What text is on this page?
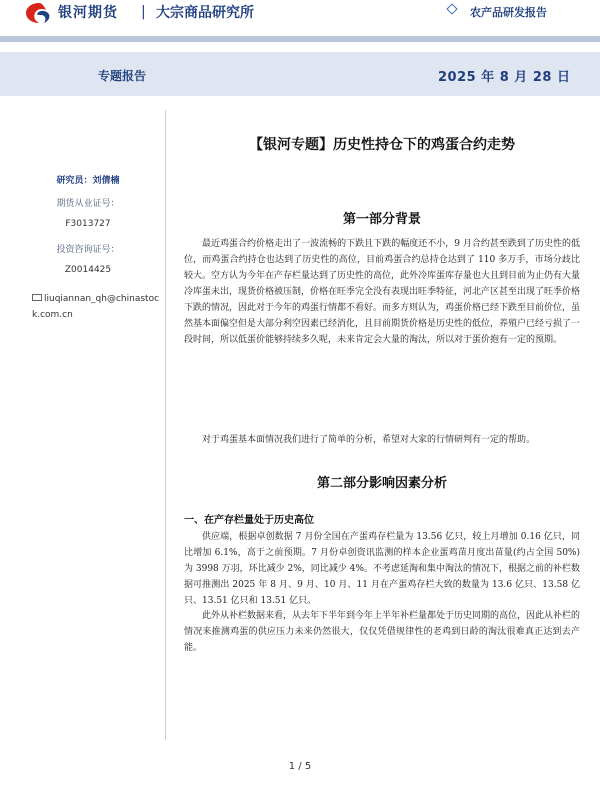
银河期货 | 大宗商品研究所	农产品研发报告
专题报告	2025 年 8 月 28 日
研究员：刘倩楠
期货从业证号：
F3013727
投资咨询证号：
Z0014425
liuqiannan_qh@chinastock.com.cn
【银河专题】历史性持仓下的鸡蛋合约走势
第一部分背景

最近鸡蛋合约价格走出了一波流畅的下跌且下跌的幅度还不小，9 月合约甚至跌到了历史性的低位，而鸡蛋合约持仓也达到了历史性的高位，目前鸡蛋合约总持仓达到了 110 多万手，市场分歧比较大。空方认为今年在产存栏量达到了历史性的高位，此外冷库蛋库存量也大且到目前为止仍有大量冷库蛋未出，现货价格被压制，价格在旺季完全没有表现出旺季特征，河北产区甚至出现了旺季价格下跌的情况，因此对于今年的鸡蛋行情都不看好。而多方则认为，鸡蛋价格已经下跌至目前价位，虽然基本面偏空但是大部分利空因素已经消化，且目前期货价格是历史性的低位，养殖户已经亏损了一段时间，所以低蛋价能够持续多久呢，未来肯定会大量的淘汰，所以对于蛋价抱有一定的预期。

对于鸡蛋基本面情况我们进行了简单的分析，希望对大家的行情研判有一定的帮助。

第二部分影响因素分析
一、在产存栏量处于历史高位

供应端，根据卓创数据 7 月份全国在产蛋鸡存栏量为 13.56 亿只，较上月增加 0.16 亿只，同比增加 6.1%，高于之前预期。7 月份卓创资讯监测的样本企业蛋鸡苗月度出苗量(约占全国 50%)为 3998 万羽，环比减少 2%，同比减少 4%。不考虑延淘和集中淘汰的情况下，根据之前的补栏数据可推测出 2025 年 8 月、9 月、10 月、11 月在产蛋鸡存栏大致的数量为 13.6 亿只、13.58 亿只、13.51 亿只和 13.51 亿只。

此外从补栏数据来看，从去年下半年到今年上半年补栏量都处于历史同期的高位，因此从补栏的情况来推测鸡蛋的供应压力未来仍然很大，仅仅凭借规律性的老鸡到日龄的淘汰很难真正达到去产能。

1 / 5
